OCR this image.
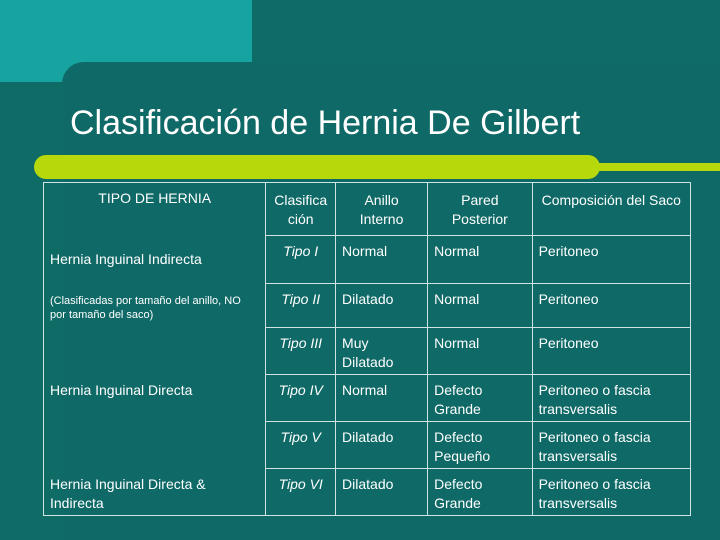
Clasificación de Hernia De Gilbert
TIPO DE HERNIA	Clasifica ción	Anillo Interno	Pared Posterior	Composición del Saco
Hernia Inguinal Indirecta	Tipo I	Normal	Normal	Peritoneo

(Clasificadas por tamaño del anillo, NO por tamaño del saco)	Tipo II	Dilatado	Normal	Peritoneo
	Tipo III	Muy Dilatado	Normal	Peritoneo
Hernia Inguinal Directa	Tipo IV	Normal	Defecto Grande	Peritoneo o fascia transversalis
	Tipo V	Dilatado	Defecto Pequeño	Peritoneo o fascia transversalis
Hernia Inguinal Directa & Indirecta	Tipo VI	Dilatado	Defecto Grande	Peritoneo o fascia transversalis
